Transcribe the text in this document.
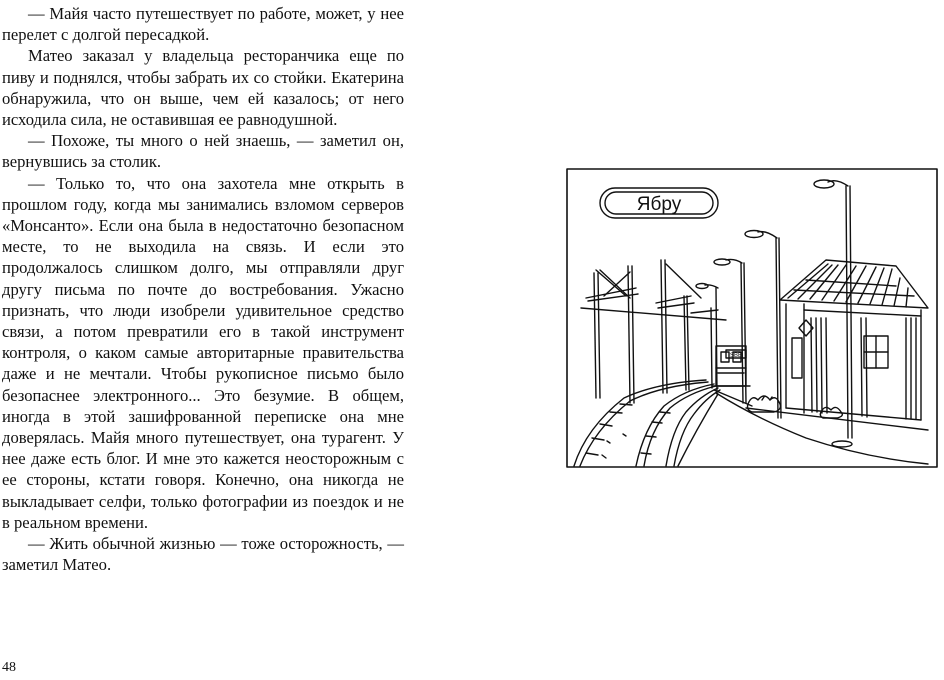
— Майя часто путешествует по работе, может, у нее перелет с долгой пересадкой.

Матео заказал у владельца ресторанчика еще по пиву и поднялся, чтобы забрать их со стойки. Екатерина обнаружила, что он выше, чем ей казалось; от него исходила сила, не оставившая ее равнодушной.

— Похоже, ты много о ней знаешь, — заметил он, вернувшись за столик.

— Только то, что она захотела мне открыть в прошлом году, когда мы занимались взломом серверов «Монсанто». Если она была в недостаточно безопасном месте, то не выходила на связь. И если это продолжалось слишком долго, мы отправляли друг другу письма по почте до востребования. Ужасно признать, что люди изобрели удивительное средство связи, а потом превратили его в такой инструмент контроля, о каком самые авторитарные правительства даже и не мечтали. Чтобы рукописное письмо было безопаснее электронного... Это безумие. В общем, иногда в этой зашифрованной переписке она мне доверялась. Майя много путешествует, она турагент. У нее даже есть блог. И мне это кажется неосторожным с ее стороны, кстати говоря. Конечно, она никогда не выкладывает селфи, только фотографии из поездок и не в реальном времени.

— Жить обычной жизнью — тоже осторожность, — заметил Матео.

48
Ябру
SBB
